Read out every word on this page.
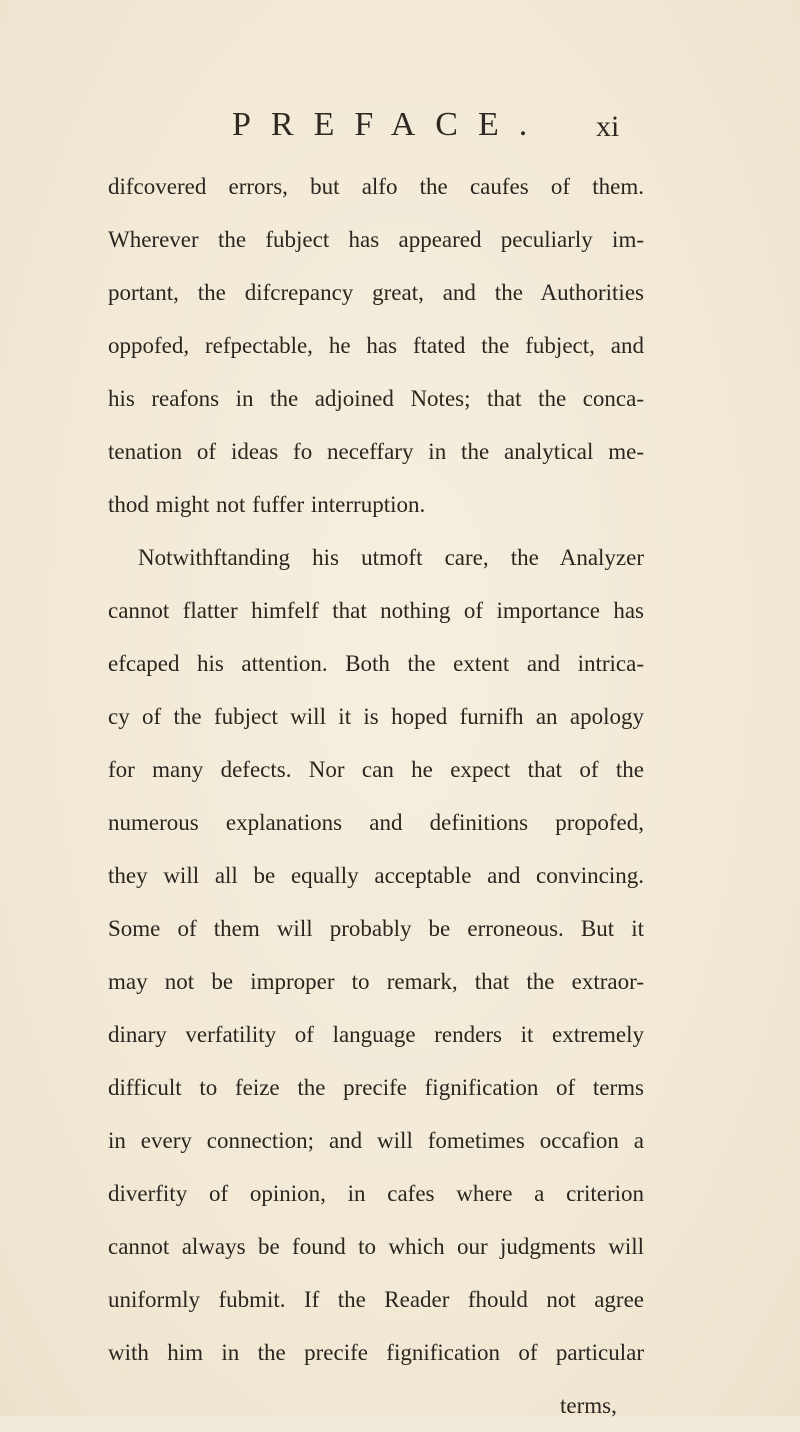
PREFACE. xi
difcovered errors, but alfo the caufes of them.
Wherever the fubject has appeared peculiarly im-
portant, the difcrepancy great, and the Authorities
oppofed, refpectable, he has ftated the fubject, and
his reafons in the adjoined Notes; that the conca-
tenation of ideas fo neceffary in the analytical me-
thod might not fuffer interruption.
Notwithftanding his utmoft care, the Analyzer
cannot flatter himfelf that nothing of importance has
efcaped his attention. Both the extent and intrica-
cy of the fubject will it is hoped furnifh an apology
for many defects. Nor can he expect that of the
numerous explanations and definitions propofed,
they will all be equally acceptable and convincing.
Some of them will probably be erroneous. But it
may not be improper to remark, that the extraor-
dinary verfatility of language renders it extremely
difficult to feize the precife fignification of terms
in every connection; and will fometimes occafion a
diverfity of opinion, in cafes where a criterion
cannot always be found to which our judgments will
uniformly fubmit. If the Reader fhould not agree
with him in the precife fignification of particular
terms,
